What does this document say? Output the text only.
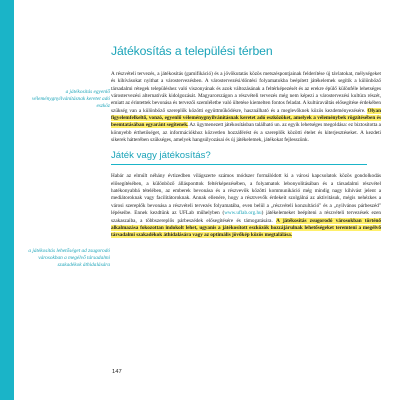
a játékosítás egyenlő véleménygnyilvánításnak keretet adó eszköz
a játékosítás lehetőséget ad zsugorodó városokban a megélvő társadalmi szakadékok áthidalására
Játékosítás a települési térben

A részvételi tervezés, a játékosítás (gamifikáció) és a jövőkutatás közös metszéspontjainak felderítése új távlatokat, mélységeket és kihívásokat nyithat a várostervezésben. A várostervezési/döntési folyamatokba beépített játékelemek segítik a különböző társadalmi rétegek településhez való viszonyának és azok változásának a feltérképezését és az erekre épülő különféle lehetséges várostervezési alternatívák kidolgozását. Magyarországon a részvételi tervezés még nem képezi a várostervezési kultúra részét, emiatt az érintettek bevonása és tervezői szemléletbe való ültetése kiemelten fontos feladat. A kultúraváltás elősegítése érdekében szükség van a különböző szereplők közötti együttműködésre, használható és a meglevőknek közös kezdeményezésére. Olyan figyelemfelkeltő, vonzó, egyenlő véleménygnyilvánításnak keretet adó eszközöket, amelyek a véleménybek rögzítésében és beemtatásában egyaránt segítenek. Az ügymenezett játékosításban található un. az egyik lehetséges megoldása: ez biztosította a könnyebb érthetőséget, az információkhoz közvetlen hozzáférést és a szereplők közötti ételet és kiterjesztéseket. A kezdeti sikerek hátterében szükséges, amelyek hangsúlyozásai és új játékelemek, játékokat fejlesszünk.

Játék vagy játékosítás?

Habár az elmúlt néhány évtizedben világszerte számos módszer formálódott ki a városi kapcsolatok közös gondolkodás elősegítésében, a különböző állásponttok feltérképezésében, a folyamatok lebonyolításában és a társadalmi részvétel hatékonyabbá tételében, az emberek bevonása és a részvevők közötti kommunikáció még mindig nagy kihívást jelent a mediátoroknak vagy facilitátoroknak. Annak ellenére, hogy a résztvevők érdekeit szolgálná az aktivitásuk, mégis nehézkes a városi szereplők bevonása a részvételi tervezés folyamatába, even belül a „részvételi konzultáció" és a „nyilvános párbeszéd" lépéseibe. Ennek kezdtünk az UFLab műhelyben (www.uflab.org.hu) játékelemeket beépíteni a részvételi tervezések ezen szakaszaiba, a többszereplős párbeszédek elősegítésére és támogatására. A játékosítás zsugorodó városokban történő alkalmazása fokozottan indokolt lehet, ugyanis a játékosított eszközök hozzájárulnak lehetőségeket teremteni a megélvő társadalmi szakadékok áthidalására vagy az optimális jövőkép közös megtalálása.

147
